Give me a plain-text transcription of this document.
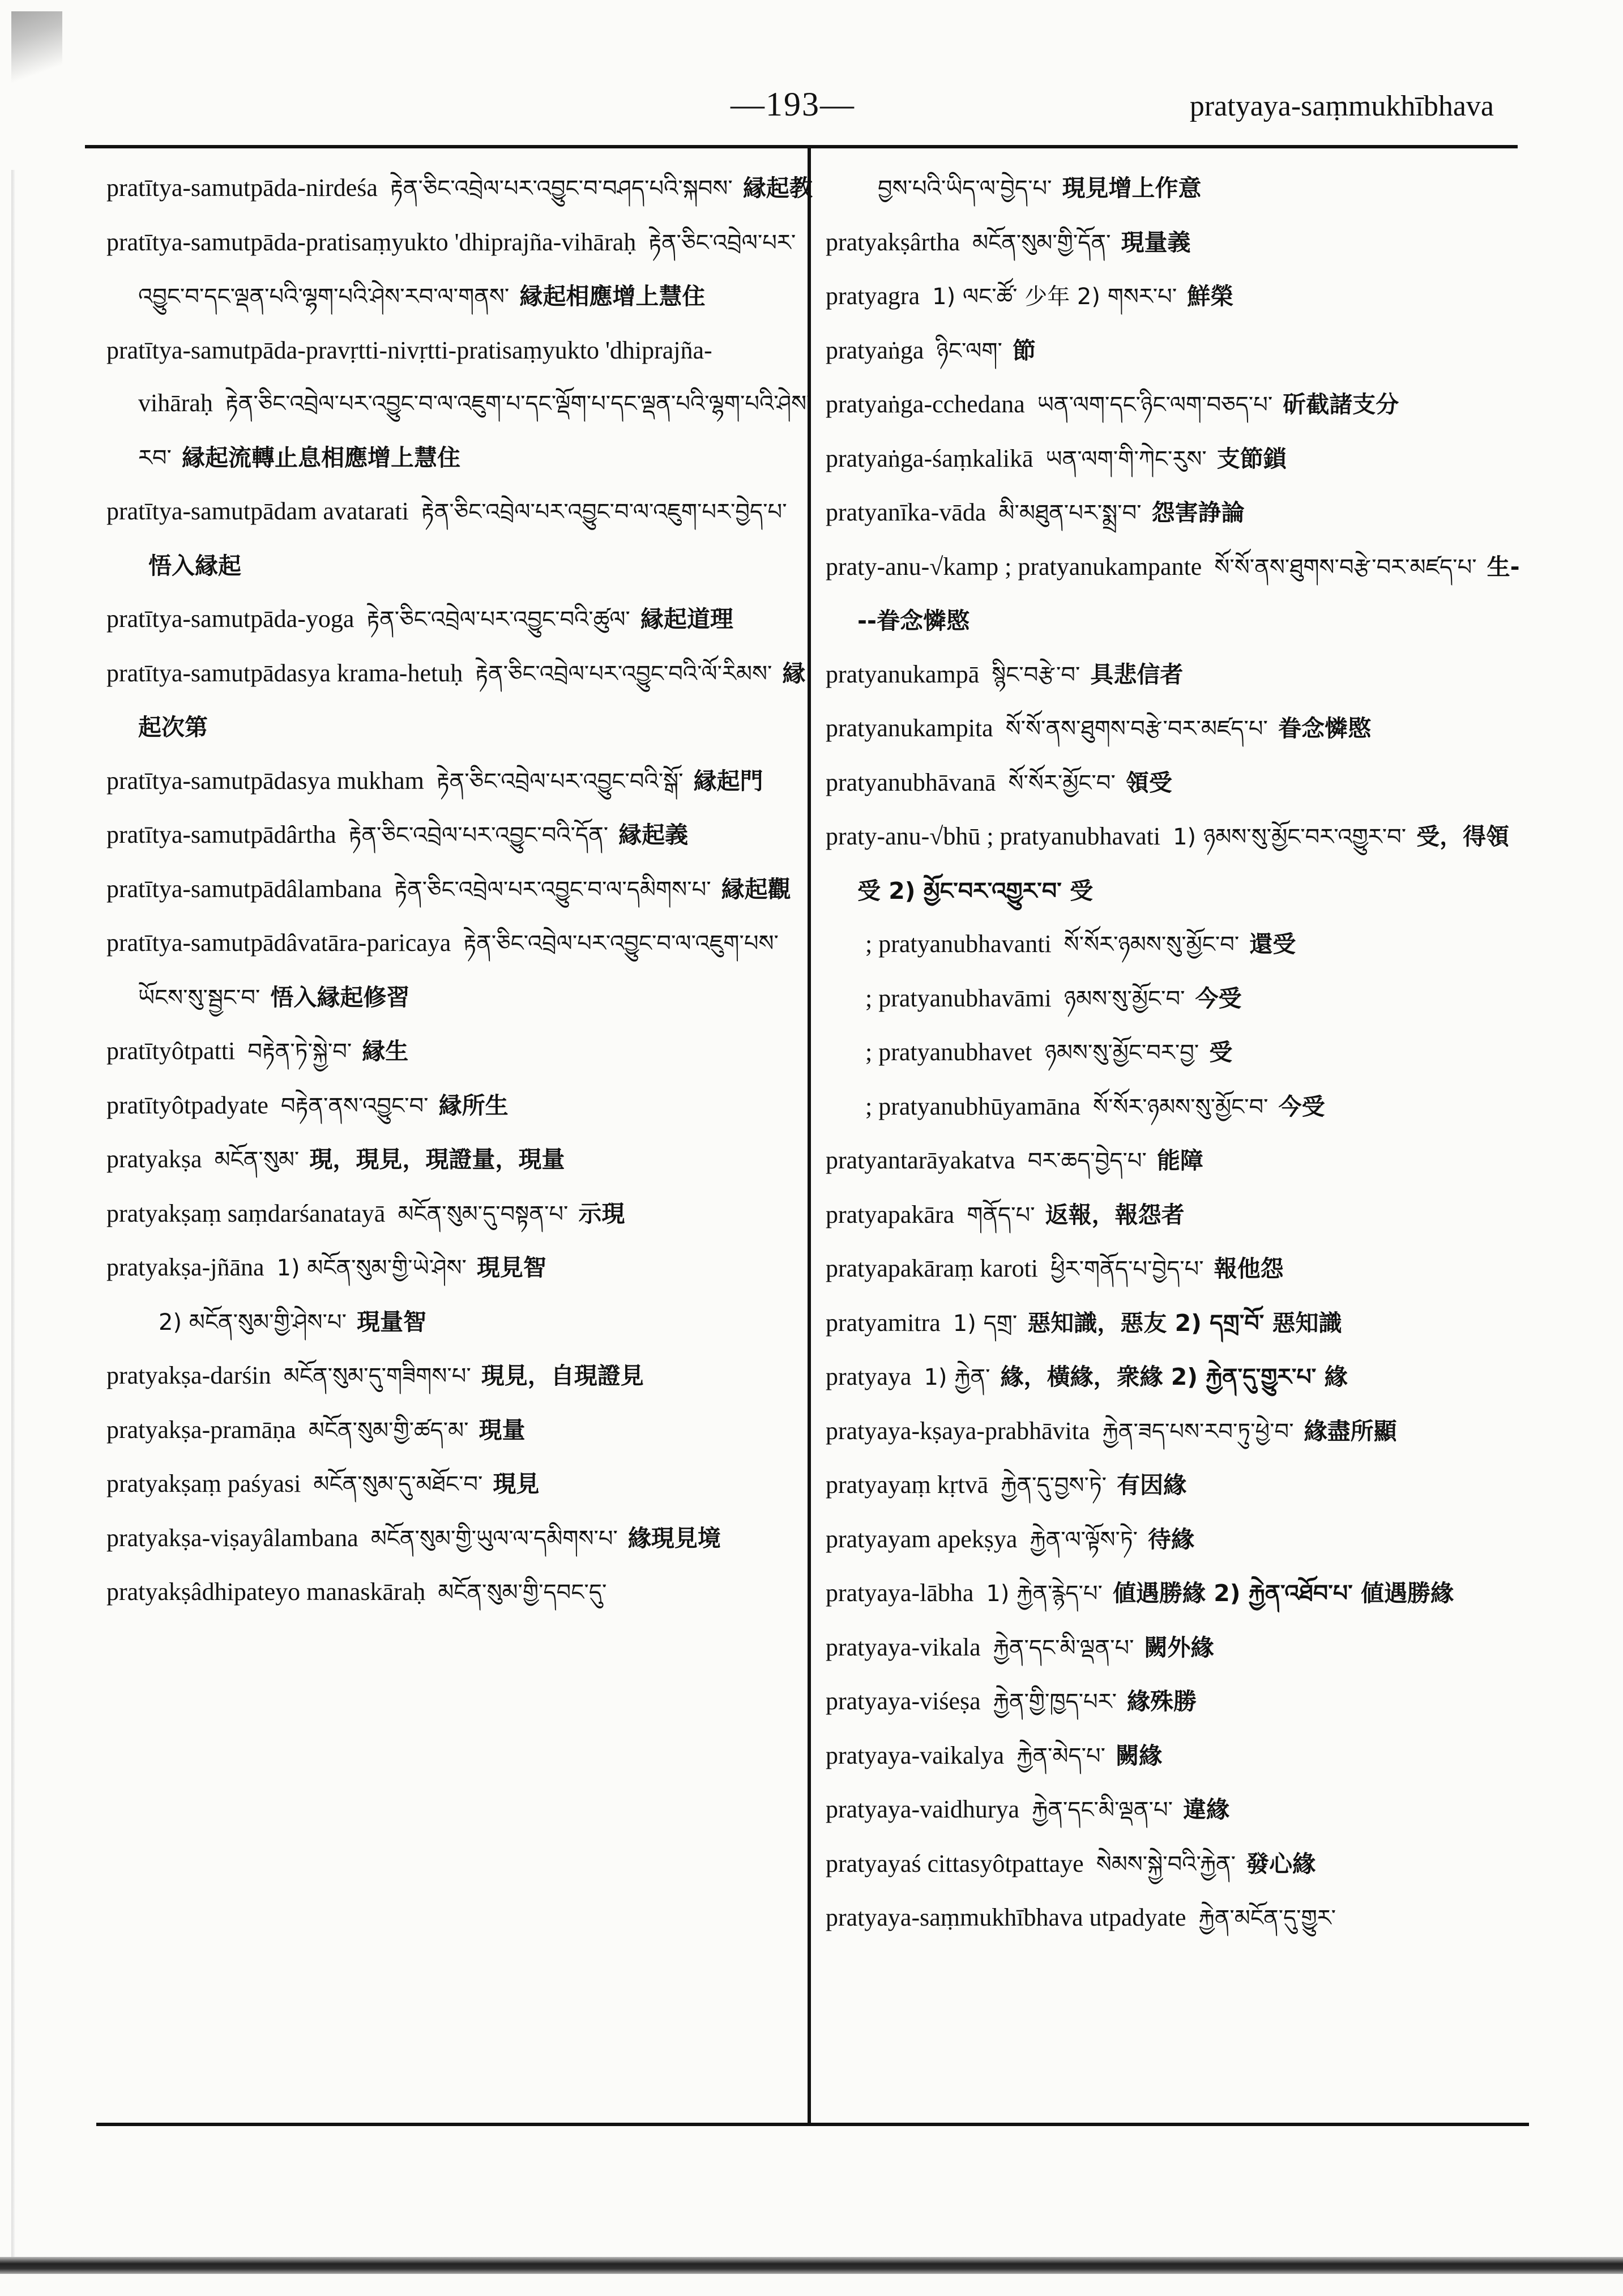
—193—	pratyaya-saṃmukhībhava

pratītya-samutpāda-nirdeśa རྟེན་ཅིང་འབྲེལ་པར་འབྱུང་བ་བཤད་པའི་སྐབས་ 縁起教

pratītya-samutpāda-pratisaṃyukto 'dhiprajña-vihāraḥ རྟེན་ཅིང་འབྲེལ་པར་འབྱུང་བ་དང་ལྡན་པའི་ལྷག་པའི་ཤེས་རབ་ལ་གནས་ 縁起相應增上慧住

pratītya-samutpāda-pravṛtti-nivṛtti-pratisaṃyukto 'dhiprajña-vihāraḥ རྟེན་ཅིང་འབྲེལ་པར་འབྱུང་བ་ལ་འཇུག་པ་དང་ལྡོག་པ་དང་ལྡན་པའི་ལྷག་པའི་ཤེས་རབ་ 縁起流轉止息相應增上慧住

pratītya-samutpādam avatarati རྟེན་ཅིང་འབྲེལ་པར་འབྱུང་བ་ལ་འཇུག་པར་བྱེད་པ་悟入縁起

pratītya-samutpāda-yoga རྟེན་ཅིང་འབྲེལ་པར་འབྱུང་བའི་ཚུལ་ 縁起道理

pratītya-samutpādasya krama-hetuḥ རྟེན་ཅིང་འབྲེལ་པར་འབྱུང་བའི་ལོ་རིམས་ 縁起次第

pratītya-samutpādasya mukham རྟེན་ཅིང་འབྲེལ་པར་འབྱུང་བའི་སྒོ་ 縁起門

pratītya-samutpādârtha རྟེན་ཅིང་འབྲེལ་པར་འབྱུང་བའི་དོན་ 縁起義

pratītya-samutpādâlambana རྟེན་ཅིང་འབྲེལ་པར་འབྱུང་བ་ལ་དམིགས་པ་ 縁起觀

pratītya-samutpādâvatāra-paricaya རྟེན་ཅིང་འབྲེལ་པར་འབྱུང་བ་ལ་འཇུག་པས་ཡོངས་སུ་སྦྱང་བ་ 悟入縁起修習

pratītyôtpatti བརྟེན་ཏེ་སྐྱེ་བ་ 縁生

pratītyôtpadyate བརྟེན་ནས་འབྱུང་བ་ 縁所生

pratyakṣa མངོན་སུམ་ 現，現見，現證量，現量

pratyakṣaṃ saṃdarśanatayā མངོན་སུམ་དུ་བསྟན་པ་ 示現

pratyakṣa-jñāna 1) མངོན་སུམ་གྱི་ཡེ་ཤེས་ 現見智

2) མངོན་སུམ་གྱི་ཤེས་པ་ 現量智

pratyakṣa-darśin མངོན་སུམ་དུ་གཟིགས་པ་ 現見，自現證見

pratyakṣa-pramāṇa མངོན་སུམ་གྱི་ཚད་མ་ 現量

pratyakṣaṃ paśyasi མངོན་སུམ་དུ་མཐོང་བ་ 現見

pratyakṣa-viṣayâlambana མངོན་སུམ་གྱི་ཡུལ་ལ་དམིགས་པ་ 緣現見境

pratyakṣâdhipateyo manaskāraḥ མངོན་སུམ་གྱི་དབང་དུ་

བྱས་པའི་ཡིད་ལ་བྱེད་པ་ 現見增上作意

pratyakṣârtha མངོན་སུམ་གྱི་དོན་ 現量義

pratyagra 1) ལང་ཚོ་ 少年 2) གསར་པ་ 鮮榮

pratyaṅga ཉིང་ལག་ 節

pratyaṅga-cchedana ཡན་ལག་དང་ཉིང་ལག་བཅད་པ་ 斫截諸支分

pratyaṅga-śaṃkalikā ཡན་ལག་གི་ཀེང་རུས་ 支節鎖

pratyanīka-vāda མི་མཐུན་པར་སྨྲ་བ་ 怨害諍論

praty-anu-√kamp ; pratyanukampante སོ་སོ་ནས་ཐུགས་བརྩེ་བར་མཛད་པ་ 生---眷念憐愍

pratyanukampā སྙིང་བརྩེ་བ་ 具悲信者

pratyanukampita སོ་སོ་ནས་ཐུགས་བརྩེ་བར་མཛད་པ་ 眷念憐愍

pratyanubhāvanā སོ་སོར་མྱོང་བ་ 領受

praty-anu-√bhū ; pratyanubhavati 1) ཉམས་སུ་མྱོང་བར་འགྱུར་བ་ 受，得領受 2) མྱོང་བར་འགྱུར་བ་ 受

; pratyanubhavanti སོ་སོར་ཉམས་སུ་མྱོང་བ་ 還受

; pratyanubhavāmi ཉམས་སུ་མྱོང་བ་ 今受

; pratyanubhavet ཉམས་སུ་མྱོང་བར་བྱ་ 受

; pratyanubhūyamāna སོ་སོར་ཉམས་སུ་མྱོང་བ་ 今受

pratyantarāyakatva བར་ཆད་བྱེད་པ་ 能障

pratyapakāra གནོད་པ་ 返報，報怨者

pratyapakāraṃ karoti ཕྱིར་གནོད་པ་བྱེད་པ་ 報他怨

pratyamitra 1) དགྲ་ 惡知識，惡友 2) དགྲ་བོ་ 惡知識

pratyaya 1) རྐྱེན་ 緣，橫緣，衆緣 2) རྐྱེན་དུ་གྱུར་པ་ 緣

pratyaya-kṣaya-prabhāvita རྐྱེན་ཟད་པས་རབ་ཏུ་ཕྱེ་བ་ 緣盡所顯

pratyayaṃ kṛtvā རྐྱེན་དུ་བྱས་ཏེ་ 有因緣

pratyayam apekṣya རྐྱེན་ལ་ལྟོས་ཏེ་ 待緣

pratyaya-lābha 1) རྐྱེན་རྙེད་པ་ 値遇勝緣 2) རྐྱེན་འཐོབ་པ་ 値遇勝緣

pratyaya-vikala རྐྱེན་དང་མི་ལྡན་པ་ 闕外緣

pratyaya-viśeṣa རྐྱེན་གྱི་ཁྱད་པར་ 緣殊勝

pratyaya-vaikalya རྐྱེན་མེད་པ་ 闕緣

pratyaya-vaidhurya རྐྱེན་དང་མི་ལྡན་པ་ 違緣

pratyayaś cittasyôtpattaye སེམས་སྐྱེ་བའི་རྐྱེན་ 發心緣

pratyaya-saṃmukhībhava utpadyate རྐྱེན་མངོན་དུ་གྱུར་
